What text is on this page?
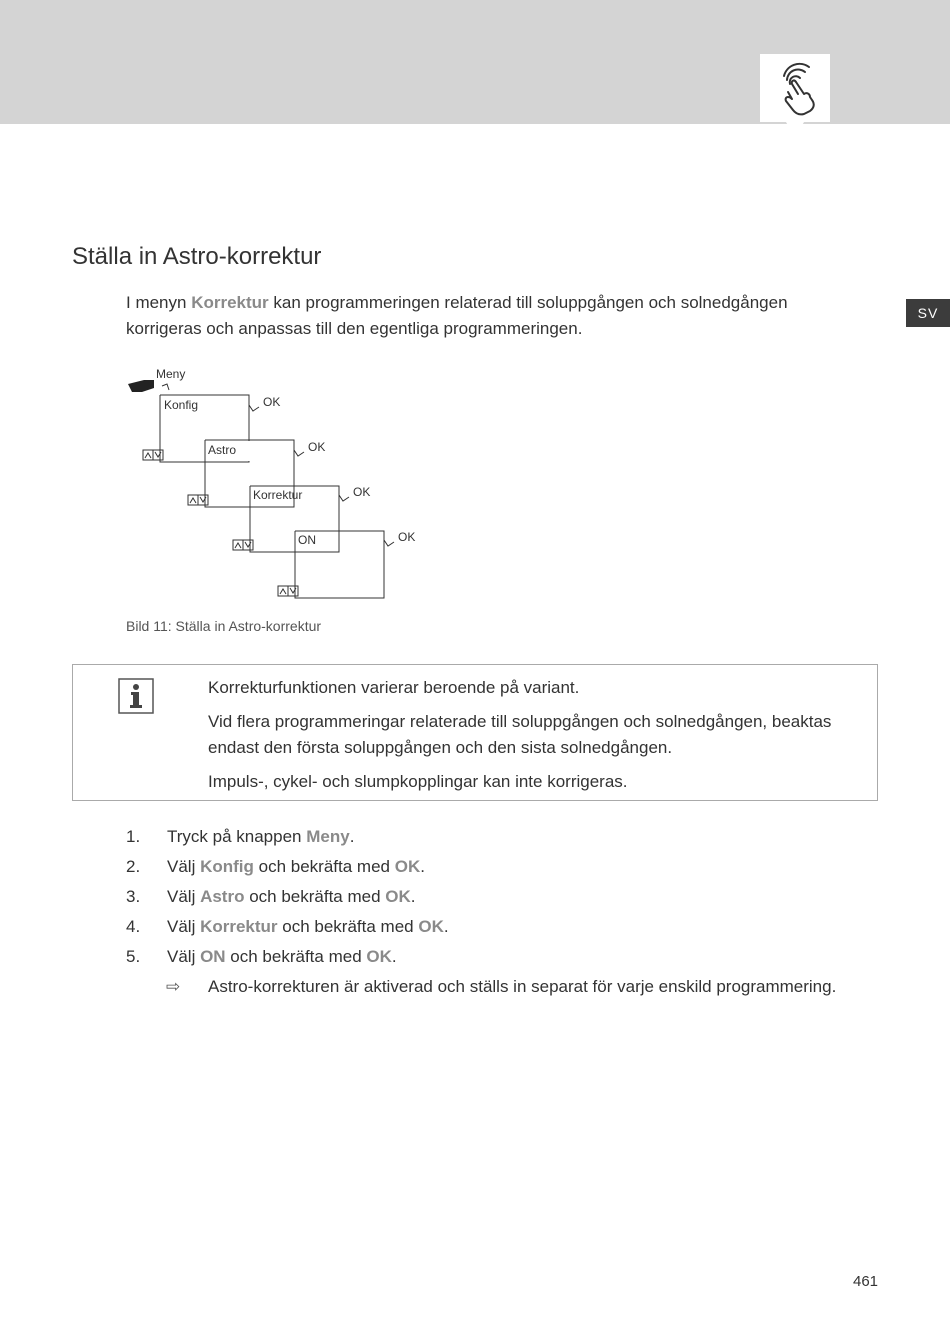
SV
Ställa in Astro-korrektur

I menyn Korrektur kan programmeringen relaterad till soluppgången och solnedgången korrigeras och anpassas till den egentliga programmeringen.

Meny
Konfig	OK
Astro	OK
Korrektur	OK
ON	OK
Bild 11: Ställa in Astro-korrektur

Korrekturfunktionen varierar beroende på variant.

Vid flera programmeringar relaterade till soluppgången och solnedgången, beaktas endast den första soluppgången och den sista solnedgången.

Impuls-, cykel- och slumpkopplingar kan inte korrigeras.

1. Tryck på knappen Meny.
2. Välj Konfig och bekräfta med OK.
3. Välj Astro och bekräfta med OK.
4. Välj Korrektur och bekräfta med OK.
5. Välj ON och bekräfta med OK.
⇨ Astro-korrekturen är aktiverad och ställs in separat för varje enskild programmering.
461
